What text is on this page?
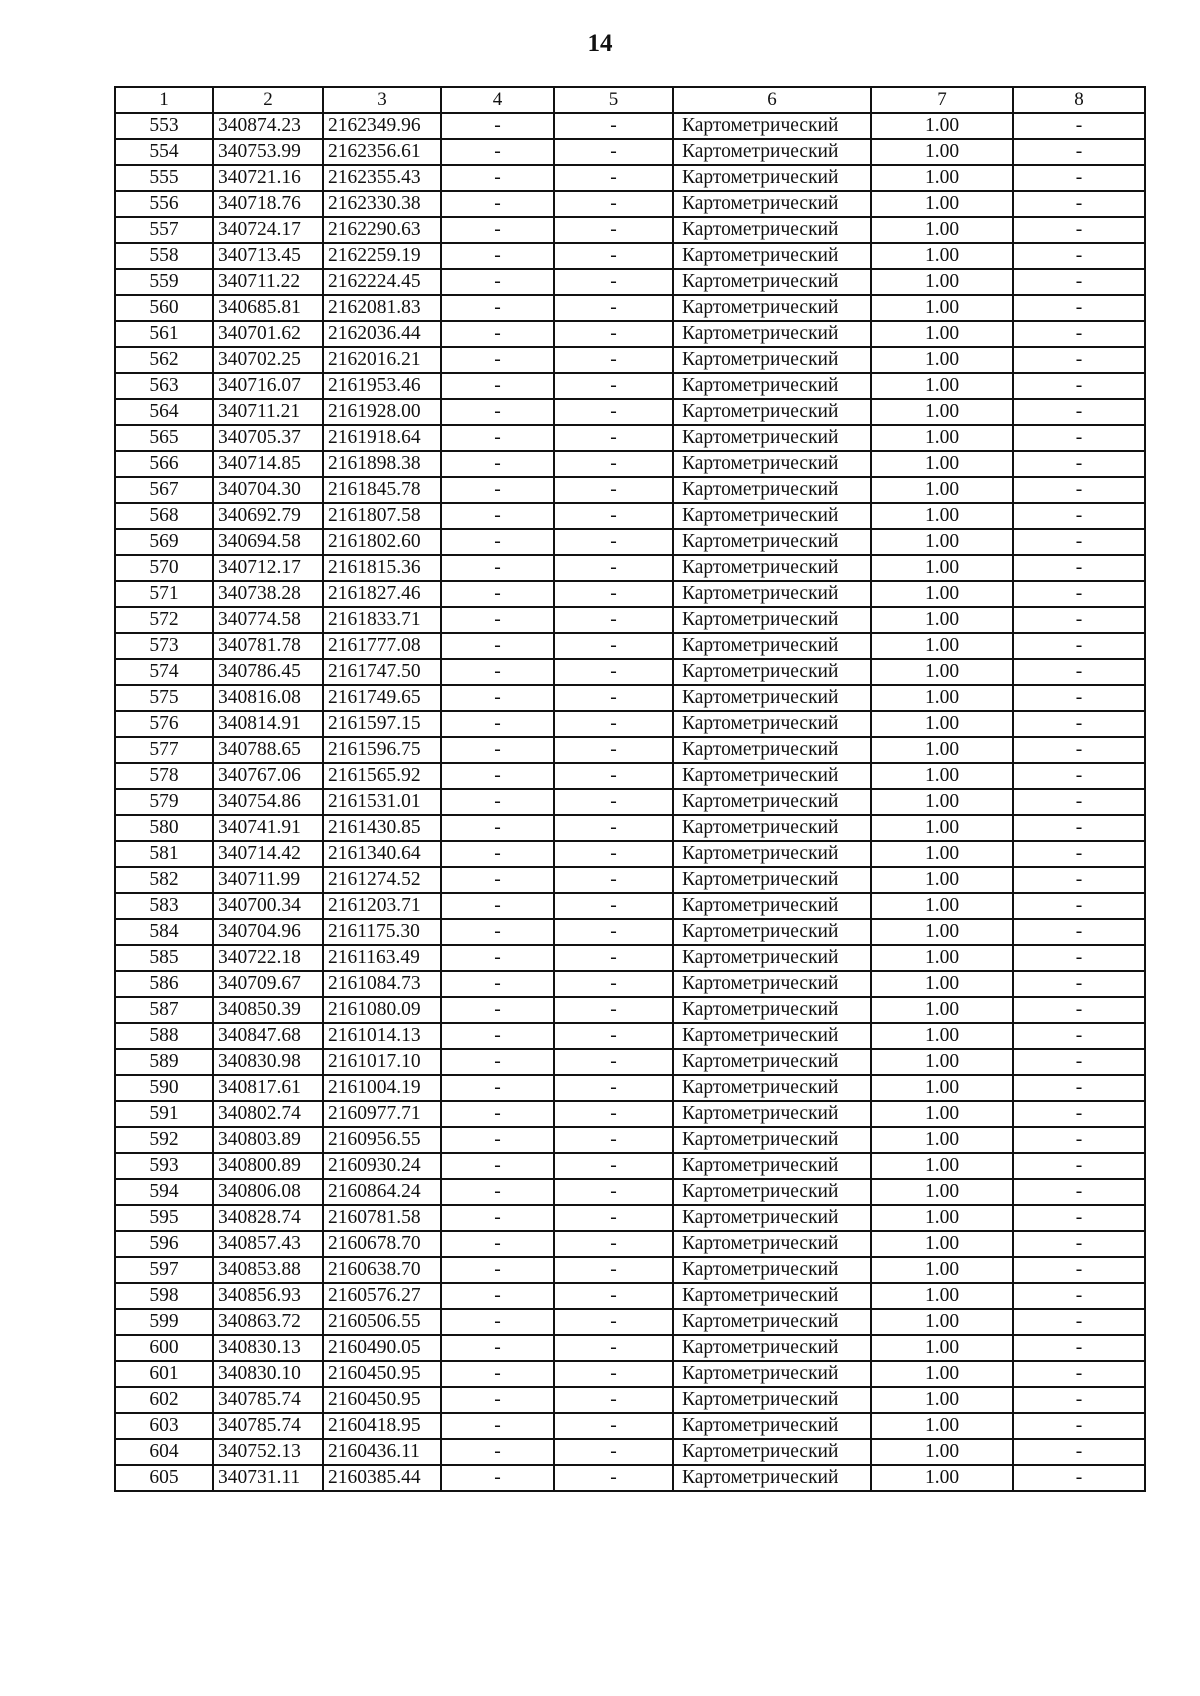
14
1	2	3	4	5	6	7	8
553	340874.23	2162349.96	-	-	Картометрический	1.00	-
554	340753.99	2162356.61	-	-	Картометрический	1.00	-
555	340721.16	2162355.43	-	-	Картометрический	1.00	-
556	340718.76	2162330.38	-	-	Картометрический	1.00	-
557	340724.17	2162290.63	-	-	Картометрический	1.00	-
558	340713.45	2162259.19	-	-	Картометрический	1.00	-
559	340711.22	2162224.45	-	-	Картометрический	1.00	-
560	340685.81	2162081.83	-	-	Картометрический	1.00	-
561	340701.62	2162036.44	-	-	Картометрический	1.00	-
562	340702.25	2162016.21	-	-	Картометрический	1.00	-
563	340716.07	2161953.46	-	-	Картометрический	1.00	-
564	340711.21	2161928.00	-	-	Картометрический	1.00	-
565	340705.37	2161918.64	-	-	Картометрический	1.00	-
566	340714.85	2161898.38	-	-	Картометрический	1.00	-
567	340704.30	2161845.78	-	-	Картометрический	1.00	-
568	340692.79	2161807.58	-	-	Картометрический	1.00	-
569	340694.58	2161802.60	-	-	Картометрический	1.00	-
570	340712.17	2161815.36	-	-	Картометрический	1.00	-
571	340738.28	2161827.46	-	-	Картометрический	1.00	-
572	340774.58	2161833.71	-	-	Картометрический	1.00	-
573	340781.78	2161777.08	-	-	Картометрический	1.00	-
574	340786.45	2161747.50	-	-	Картометрический	1.00	-
575	340816.08	2161749.65	-	-	Картометрический	1.00	-
576	340814.91	2161597.15	-	-	Картометрический	1.00	-
577	340788.65	2161596.75	-	-	Картометрический	1.00	-
578	340767.06	2161565.92	-	-	Картометрический	1.00	-
579	340754.86	2161531.01	-	-	Картометрический	1.00	-
580	340741.91	2161430.85	-	-	Картометрический	1.00	-
581	340714.42	2161340.64	-	-	Картометрический	1.00	-
582	340711.99	2161274.52	-	-	Картометрический	1.00	-
583	340700.34	2161203.71	-	-	Картометрический	1.00	-
584	340704.96	2161175.30	-	-	Картометрический	1.00	-
585	340722.18	2161163.49	-	-	Картометрический	1.00	-
586	340709.67	2161084.73	-	-	Картометрический	1.00	-
587	340850.39	2161080.09	-	-	Картометрический	1.00	-
588	340847.68	2161014.13	-	-	Картометрический	1.00	-
589	340830.98	2161017.10	-	-	Картометрический	1.00	-
590	340817.61	2161004.19	-	-	Картометрический	1.00	-
591	340802.74	2160977.71	-	-	Картометрический	1.00	-
592	340803.89	2160956.55	-	-	Картометрический	1.00	-
593	340800.89	2160930.24	-	-	Картометрический	1.00	-
594	340806.08	2160864.24	-	-	Картометрический	1.00	-
595	340828.74	2160781.58	-	-	Картометрический	1.00	-
596	340857.43	2160678.70	-	-	Картометрический	1.00	-
597	340853.88	2160638.70	-	-	Картометрический	1.00	-
598	340856.93	2160576.27	-	-	Картометрический	1.00	-
599	340863.72	2160506.55	-	-	Картометрический	1.00	-
600	340830.13	2160490.05	-	-	Картометрический	1.00	-
601	340830.10	2160450.95	-	-	Картометрический	1.00	-
602	340785.74	2160450.95	-	-	Картометрический	1.00	-
603	340785.74	2160418.95	-	-	Картометрический	1.00	-
604	340752.13	2160436.11	-	-	Картометрический	1.00	-
605	340731.11	2160385.44	-	-	Картометрический	1.00	-
